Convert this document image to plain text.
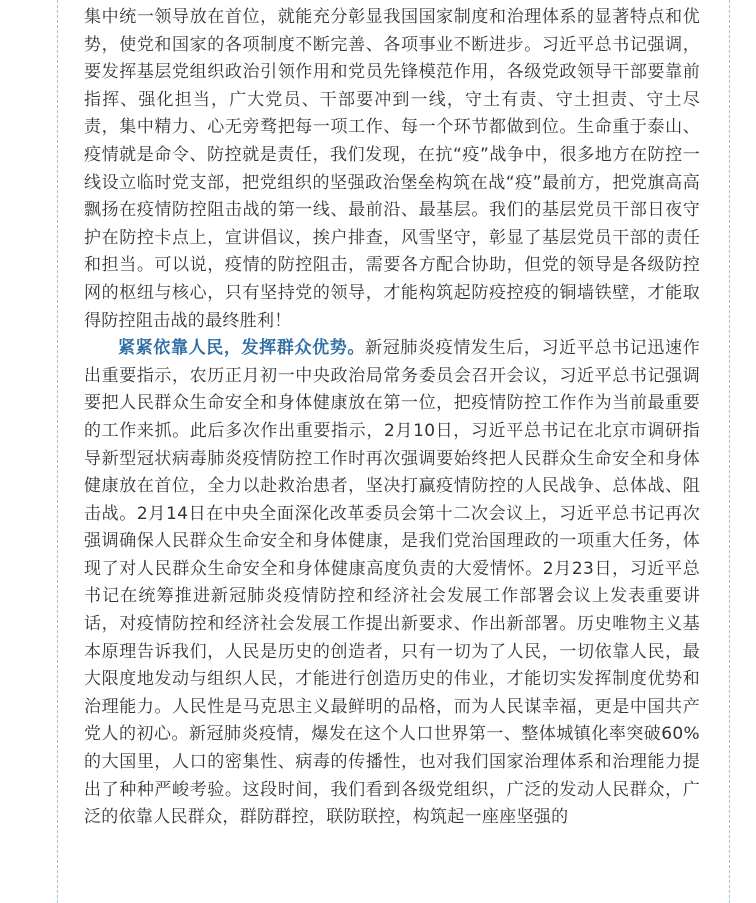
集中统一领导放在首位，就能充分彰显我国国家制度和治理体系的显著特点和优势，使党和国家的各项制度不断完善、各项事业不断进步。习近平总书记强调，要发挥基层党组织政治引领作用和党员先锋模范作用，各级党政领导干部要靠前指挥、强化担当，广大党员、干部要冲到一线，守土有责、守土担责、守土尽责，集中精力、心无旁骛把每一项工作、每一个环节都做到位。生命重于泰山、疫情就是命令、防控就是责任，我们发现，在抗“疫”战争中，很多地方在防控一线设立临时党支部，把党组织的坚强政治堡垒构筑在战“疫”最前方，把党旗高高飘扬在疫情防控阻击战的第一线、最前沿、最基层。我们的基层党员干部日夜守护在防控卡点上，宣讲倡议，挨户排查，风雪坚守，彰显了基层党员干部的责任和担当。可以说，疫情的防控阻击，需要各方配合协助，但党的领导是各级防控网的枢纽与核心，只有坚持党的领导，才能构筑起防疫控疫的铜墙铁壁，才能取得防控阻击战的最终胜利！

紧紧依靠人民，发挥群众优势。新冠肺炎疫情发生后，习近平总书记迅速作出重要指示，农历正月初一中央政治局常务委员会召开会议，习近平总书记强调要把人民群众生命安全和身体健康放在第一位，把疫情防控工作作为当前最重要的工作来抓。此后多次作出重要指示，2月10日，习近平总书记在北京市调研指导新型冠状病毒肺炎疫情防控工作时再次强调要始终把人民群众生命安全和身体健康放在首位，全力以赴救治患者，坚决打赢疫情防控的人民战争、总体战、阻击战。2月14日在中央全面深化改革委员会第十二次会议上，习近平总书记再次强调确保人民群众生命安全和身体健康，是我们党治国理政的一项重大任务，体现了对人民群众生命安全和身体健康高度负责的大爱情怀。2月23日，习近平总书记在统筹推进新冠肺炎疫情防控和经济社会发展工作部署会议上发表重要讲话，对疫情防控和经济社会发展工作提出新要求、作出新部署。历史唯物主义基本原理告诉我们，人民是历史的创造者，只有一切为了人民，一切依靠人民，最大限度地发动与组织人民，才能进行创造历史的伟业，才能切实发挥制度优势和治理能力。人民性是马克思主义最鲜明的品格，而为人民谋幸福，更是中国共产党人的初心。新冠肺炎疫情，爆发在这个人口世界第一、整体城镇化率突破60%的大国里，人口的密集性、病毒的传播性，也对我们国家治理体系和治理能力提出了种种严峻考验。这段时间，我们看到各级党组织，广泛的发动人民群众，广泛的依靠人民群众，群防群控，联防联控，构筑起一座座坚强的
